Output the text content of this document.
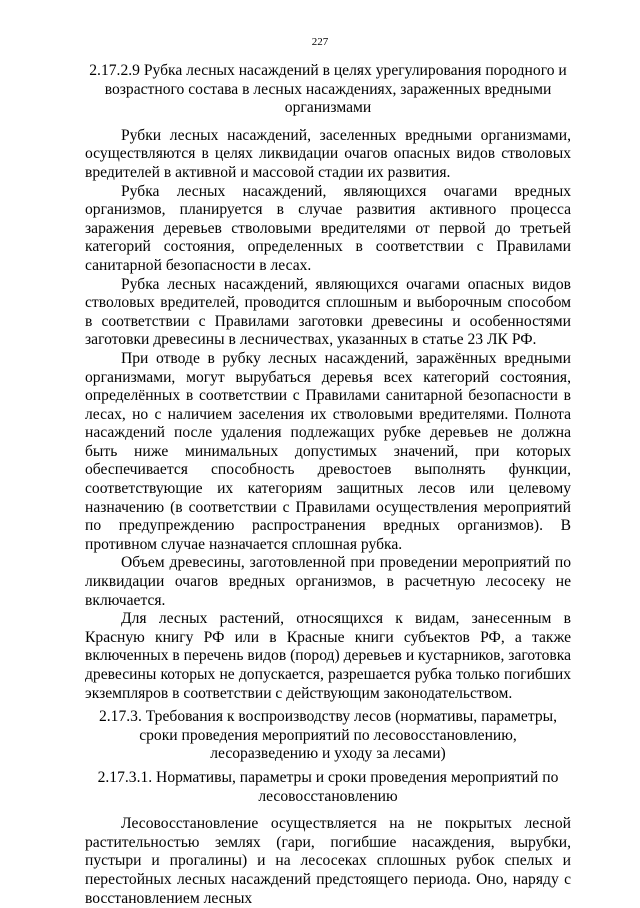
227
2.17.2.9 Рубка лесных насаждений в целях урегулирования породного и возрастного состава в лесных насаждениях, зараженных вредными организмами

Рубки лесных насаждений, заселенных вредными организмами, осуществляются в целях ликвидации очагов опасных видов стволовых вредителей в активной и массовой стадии их развития.

Рубка лесных насаждений, являющихся очагами вредных организмов, планируется в случае развития активного процесса заражения деревьев стволовыми вредителями от первой до третьей категорий состояния, определенных в соответствии с Правилами санитарной безопасности в лесах.

Рубка лесных насаждений, являющихся очагами опасных видов стволовых вредителей, проводится сплошным и выборочным способом в соответствии с Правилами заготовки древесины и особенностями заготовки древесины в лесничествах, указанных в статье 23 ЛК РФ.

При отводе в рубку лесных насаждений, заражённых вредными организмами, могут вырубаться деревья всех категорий состояния, определённых в соответствии с Правилами санитарной безопасности в лесах, но с наличием заселения их стволовыми вредителями. Полнота насаждений после удаления подлежащих рубке деревьев не должна быть ниже минимальных допустимых значений, при которых обеспечивается способность древостоев выполнять функции, соответствующие их категориям защитных лесов или целевому назначению (в соответствии с Правилами осуществления мероприятий по предупреждению распространения вредных организмов). В противном случае назначается сплошная рубка.

Объем древесины, заготовленной при проведении мероприятий по ликвидации очагов вредных организмов, в расчетную лесосеку не включается.

Для лесных растений, относящихся к видам, занесенным в Красную книгу РФ или в Красные книги субъектов РФ, а также включенных в перечень видов (пород) деревьев и кустарников, заготовка древесины которых не допускается, разрешается рубка только погибших экземпляров в соответствии с действующим законодательством.

2.17.3. Требования к воспроизводству лесов (нормативы, параметры, сроки проведения мероприятий по лесовосстановлению, лесоразведению и уходу за лесами)
2.17.3.1. Нормативы, параметры и сроки проведения мероприятий по лесовосстановлению

Лесовосстановление осуществляется на не покрытых лесной растительностью землях (гари, погибшие насаждения, вырубки, пустыри и прогалины) и на лесосеках сплошных рубок спелых и перестойных лесных насаждений предстоящего периода. Оно, наряду с восстановлением лесных
